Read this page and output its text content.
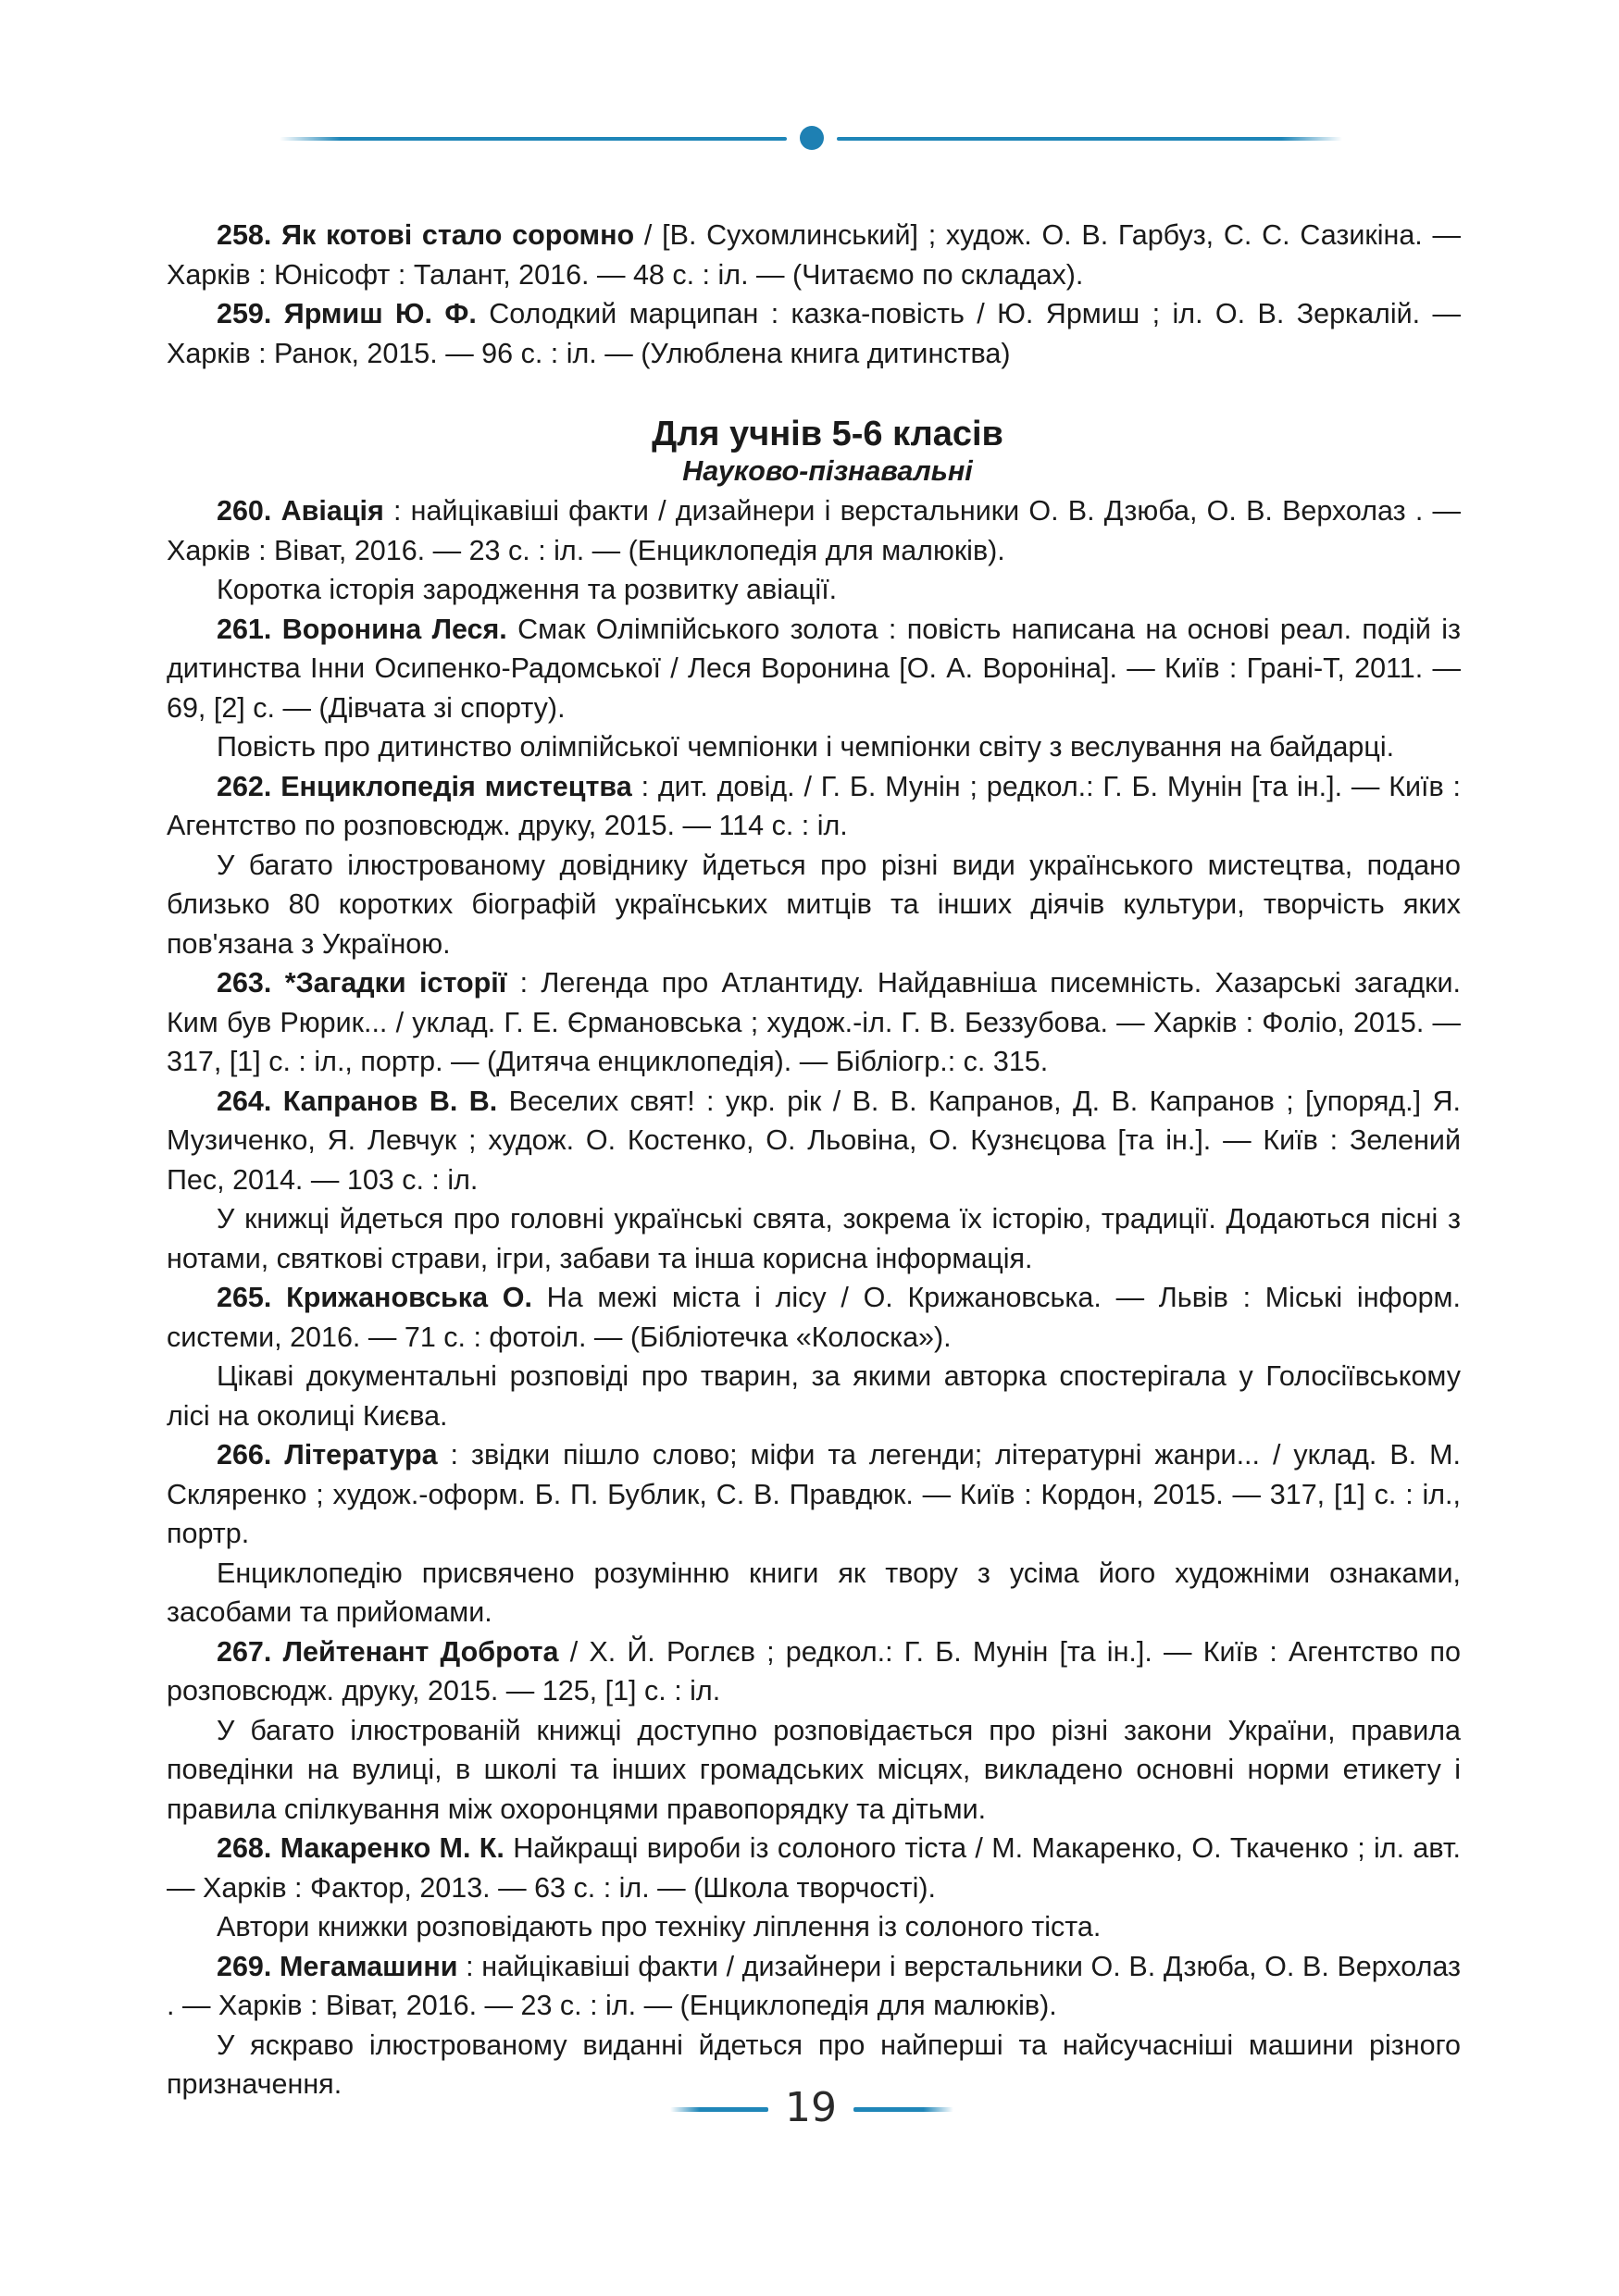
258. Як котові стало соромно / [В. Сухомлинський] ; худож. О. В. Гарбуз, С. С. Сазикіна. — Харків : Юнісофт : Талант, 2016. — 48 с. : іл. — (Читаємо по складах).

259. Ярмиш Ю. Ф. Солодкий марципан : казка-повість / Ю. Ярмиш ; іл. О. В. Зеркалій. — Харків : Ранок, 2015. — 96 с. : іл. — (Улюблена книга дитинства)

Для учнів 5-6 класів
Науково-пізнавальні

260. Авіація : найцікавіші факти / дизайнери і верстальники О. В. Дзюба, О. В. Верхолаз . — Харків : Віват, 2016. — 23 с. : іл. — (Енциклопедія для малюків).

Коротка історія зародження та розвитку авіації.

261. Воронина Леся. Смак Олімпійського золота : повість написана на основі реал. подій із дитинства Інни Осипенко-Радомської / Леся Воронина [О. А. Вороніна]. — Київ : Грані-Т, 2011. — 69, [2] с. — (Дівчата зі спорту).

Повість про дитинство олімпійської чемпіонки і чемпіонки світу з веслування на байдарці.

262. Енциклопедія мистецтва : дит. довід. / Г. Б. Мунін ; редкол.: Г. Б. Мунін [та ін.]. — Київ : Агентство по розповсюдж. друку, 2015. — 114 с. : іл.

У багато ілюстрованому довіднику йдеться про різні види українського мистецтва, подано близько 80 коротких біографій українських митців та інших діячів культури, творчість яких пов'язана з Україною.

263. *Загадки історії : Легенда про Атлантиду. Найдавніша писемність. Хазарські загадки. Ким був Рюрик... / уклад. Г. Е. Єрмановська ; худож.-іл. Г. В. Беззубова. — Харків : Фоліо, 2015. — 317, [1] с. : іл., портр. — (Дитяча енциклопедія). — Бібліогр.: с. 315.

264. Капранов В. В. Веселих свят! : укр. рік / В. В. Капранов, Д. В. Капранов ; [упоряд.] Я. Музиченко, Я. Левчук ; худож. О. Костенко, О. Льовіна, О. Кузнєцова [та ін.]. — Київ : Зелений Пес, 2014. — 103 с. : іл.

У книжці йдеться про головні українські свята, зокрема їх історію, традиції. Додаються пісні з нотами, святкові страви, ігри, забави та інша корисна інформація.

265. Крижановська О. На межі міста і лісу / О. Крижановська. — Львів : Міські інформ. системи, 2016. — 71 с. : фотоіл. — (Бібліотечка «Колоска»).

Цікаві документальні розповіді про тварин, за якими авторка спостерігала у Голосіївському лісі на околиці Києва.

266. Література : звідки пішло слово; міфи та легенди; літературні жанри... / уклад. В. М. Скляренко ; худож.-оформ. Б. П. Бублик, С. В. Правдюк. — Київ : Кордон, 2015. — 317, [1] с. : іл., портр.

Енциклопедію присвячено розумінню книги як твору з усіма його художніми ознаками, засобами та прийомами.

267. Лейтенант Доброта / Х. Й. Роглєв ; редкол.: Г. Б. Мунін [та ін.]. — Київ : Агентство по розповсюдж. друку, 2015. — 125, [1] с. : іл.

У багато ілюстрованій книжці доступно розповідається про різні закони України, правила поведінки на вулиці, в школі та інших громадських місцях, викладено основні норми етикету і правила спілкування між охоронцями правопорядку та дітьми.

268. Макаренко М. К. Найкращі вироби із солоного тіста / М. Макаренко, О. Ткаченко ; іл. авт. — Харків : Фактор, 2013. — 63 с. : іл. — (Школа творчості).

Автори книжки розповідають про техніку ліплення із солоного тіста.

269. Мегамашини : найцікавіші факти / дизайнери і верстальники О. В. Дзюба, О. В. Верхолаз . — Харків : Віват, 2016. — 23 с. : іл. — (Енциклопедія для малюків).

У яскраво ілюстрованому виданні йдеться про найперші та найсучасніші машини різного призначення.	19
